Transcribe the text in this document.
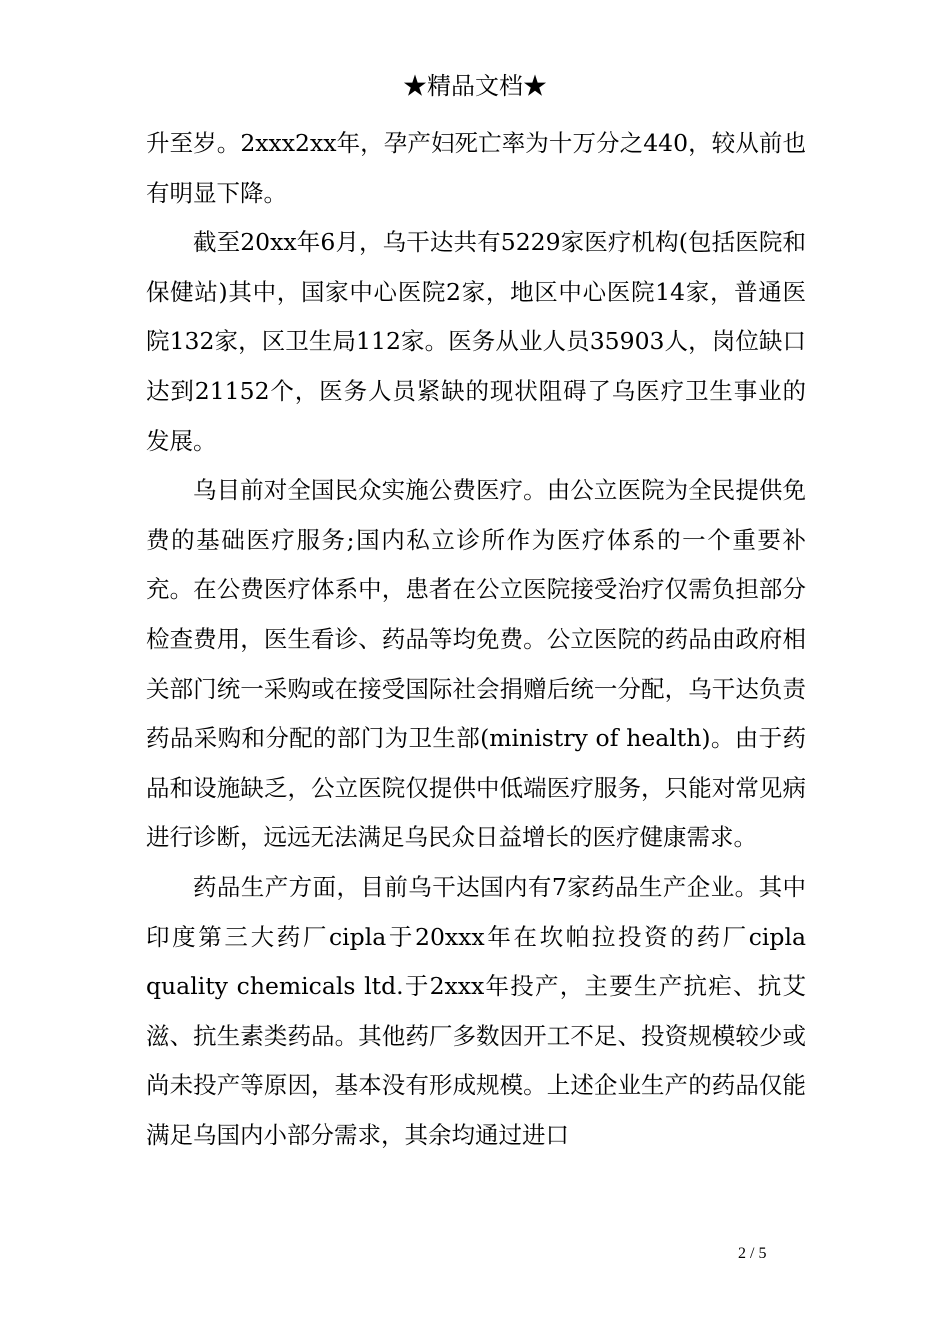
★精品文档★

升至岁。2xxx2xx年，孕产妇死亡率为十万分之440，较从前也有明显下降。

截至20xx年6月，乌干达共有5229家医疗机构(包括医院和保健站)其中，国家中心医院2家，地区中心医院14家，普通医院132家，区卫生局112家。医务从业人员35903人，岗位缺口达到21152个，医务人员紧缺的现状阻碍了乌医疗卫生事业的发展。

乌目前对全国民众实施公费医疗。由公立医院为全民提供免费的基础医疗服务;国内私立诊所作为医疗体系的一个重要补充。在公费医疗体系中，患者在公立医院接受治疗仅需负担部分检查费用，医生看诊、药品等均免费。公立医院的药品由政府相关部门统一采购或在接受国际社会捐赠后统一分配，乌干达负责药品采购和分配的部门为卫生部(ministry of health)。由于药品和设施缺乏，公立医院仅提供中低端医疗服务，只能对常见病进行诊断，远远无法满足乌民众日益增长的医疗健康需求。

药品生产方面，目前乌干达国内有7家药品生产企业。其中印度第三大药厂cipla于20xxx年在坎帕拉投资的药厂cipla quality chemicals ltd.于2xxx年投产，主要生产抗疟、抗艾滋、抗生素类药品。其他药厂多数因开工不足、投资规模较少或尚未投产等原因，基本没有形成规模。上述企业生产的药品仅能满足乌国内小部分需求，其余均通过进口

2 / 5
